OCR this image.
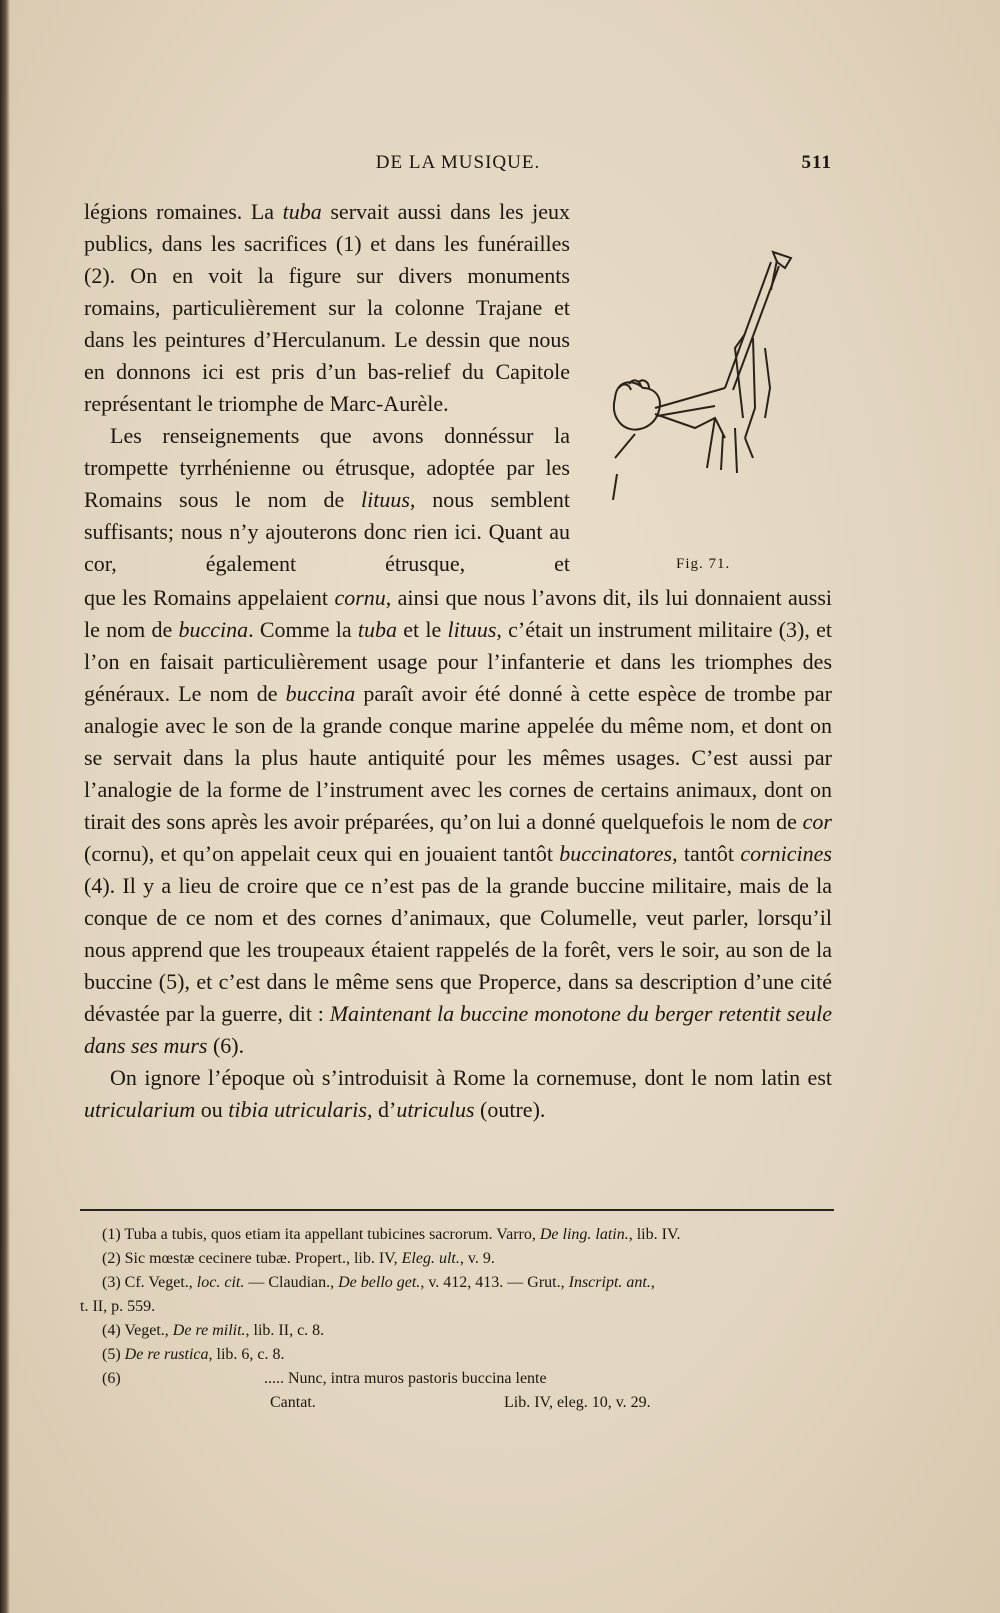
DE LA MUSIQUE.	511

légions romaines. La tuba servait aussi dans les jeux publics, dans les sacrifices (1) et dans les funérailles (2). On en voit la figure sur divers monuments romains, particulièrement sur la colonne Trajane et dans les peintures d’Herculanum. Le dessin que nous en donnons ici est pris d’un bas-relief du Capitole représentant le triomphe de Marc-Aurèle.

Les renseignements que avons donnéssur la trompette tyrrhénienne ou étrusque, adoptée par les Romains sous le nom de lituus, nous semblent suffisants; nous n’y ajouterons donc rien ici. Quant au cor, également étrusque, et	Fig. 71.

que les Romains appelaient cornu, ainsi que nous l’avons dit, ils lui donnaient aussi le nom de buccina. Comme la tuba et le lituus, c’était un instrument militaire (3), et l’on en faisait particulièrement usage pour l’infanterie et dans les triomphes des généraux. Le nom de buccina paraît avoir été donné à cette espèce de trombe par analogie avec le son de la grande conque marine appelée du même nom, et dont on se servait dans la plus haute antiquité pour les mêmes usages. C’est aussi par l’analogie de la forme de l’instrument avec les cornes de certains animaux, dont on tirait des sons après les avoir préparées, qu’on lui a donné quelquefois le nom de cor (cornu), et qu’on appelait ceux qui en jouaient tantôt buccinatores, tantôt cornicines (4). Il y a lieu de croire que ce n’est pas de la grande buccine militaire, mais de la conque de ce nom et des cornes d’animaux, que Columelle, veut parler, lorsqu’il nous apprend que les troupeaux étaient rappelés de la forêt, vers le soir, au son de la buccine (5), et c’est dans le même sens que Properce, dans sa description d’une cité dévastée par la guerre, dit : Maintenant la buccine monotone du berger retentit seule dans ses murs (6).

On ignore l’époque où s’introduisit à Rome la cornemuse, dont le nom latin est utricularium ou tibia utricularis, d’utriculus (outre).

(1) Tuba a tubis, quos etiam ita appellant tubicines sacrorum. Varro, De ling. latin., lib. IV.

(2) Sic mœstæ cecinere tubæ. Propert., lib. IV, Eleg. ult., v. 9.

(3) Cf. Veget., loc. cit. — Claudian., De bello get., v. 412, 413. — Grut., Inscript. ant.,

t. II, p. 559.

(4) Veget., De re milit., lib. II, c. 8.

(5) De re rustica, lib. 6, c. 8.

(6)	..... Nunc, intra muros pastoris buccina lente
Cantat.	Lib. IV, eleg. 10, v. 29.
